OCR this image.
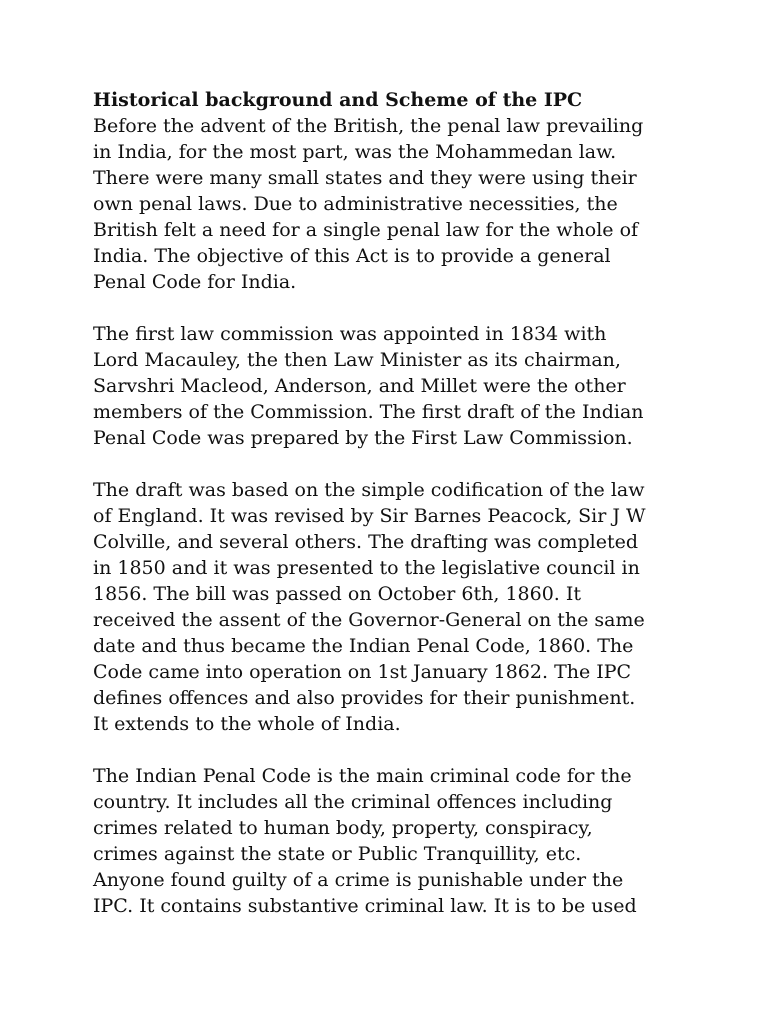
Historical background and Scheme of the IPC
Before the advent of the British, the penal law prevailing
in India, for the most part, was the Mohammedan law.
There were many small states and they were using their
own penal laws. Due to administrative necessities, the
British felt a need for a single penal law for the whole of
India. The objective of this Act is to provide a general
Penal Code for India.
The first law commission was appointed in 1834 with
Lord Macauley, the then Law Minister as its chairman,
Sarvshri Macleod, Anderson, and Millet were the other
members of the Commission. The first draft of the Indian
Penal Code was prepared by the First Law Commission.
The draft was based on the simple codification of the law
of England. It was revised by Sir Barnes Peacock, Sir J W
Colville, and several others. The drafting was completed
in 1850 and it was presented to the legislative council in
1856. The bill was passed on October 6th, 1860. It
received the assent of the Governor-General on the same
date and thus became the Indian Penal Code, 1860. The
Code came into operation on 1st January 1862. The IPC
defines offences and also provides for their punishment.
It extends to the whole of India.
The Indian Penal Code is the main criminal code for the
country. It includes all the criminal offences including
crimes related to human body, property, conspiracy,
crimes against the state or Public Tranquillity, etc.
Anyone found guilty of a crime is punishable under the
IPC. It contains substantive criminal law. It is to be used
